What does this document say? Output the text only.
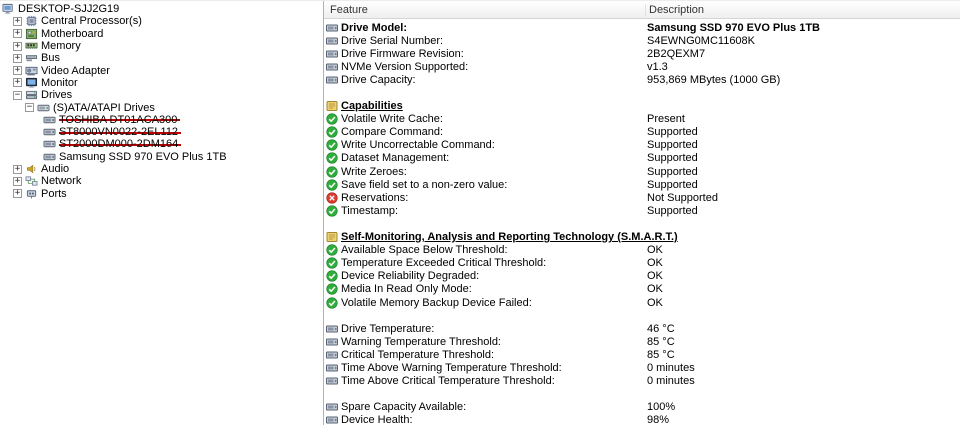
DESKTOP-SJJ2G19
+ Central Processor(s)
+ Motherboard
+ Memory
+ Bus
+ Video Adapter
+ Monitor
− Drives
− (S)ATA/ATAPI Drives
TOSHIBA DT01ACA300
ST8000VN0022-2EL112
ST2000DM000-2DM164
Samsung SSD 970 EVO Plus 1TB
+ Audio
+ Network
+ Ports
Feature	Description
Drive Model:	Samsung SSD 970 EVO Plus 1TB
Drive Serial Number:	S4EWNG0MC11608K
Drive Firmware Revision:	2B2QEXM7
NVMe Version Supported:	v1.3
Drive Capacity:	953,869 MBytes (1000 GB)
Capabilities
Volatile Write Cache:	Present
Compare Command:	Supported
Write Uncorrectable Command:	Supported
Dataset Management:	Supported
Write Zeroes:	Supported
Save field set to a non-zero value:	Supported
Reservations:	Not Supported
Timestamp:	Supported
Self-Monitoring, Analysis and Reporting Technology (S.M.A.R.T.)
Available Space Below Threshold:	OK
Temperature Exceeded Critical Threshold:	OK
Device Reliability Degraded:	OK
Media In Read Only Mode:	OK
Volatile Memory Backup Device Failed:	OK
Drive Temperature:	46 °C
Warning Temperature Threshold:	85 °C
Critical Temperature Threshold:	85 °C
Time Above Warning Temperature Threshold:	0 minutes
Time Above Critical Temperature Threshold:	0 minutes
Spare Capacity Available:	100%
Device Health:	98%
